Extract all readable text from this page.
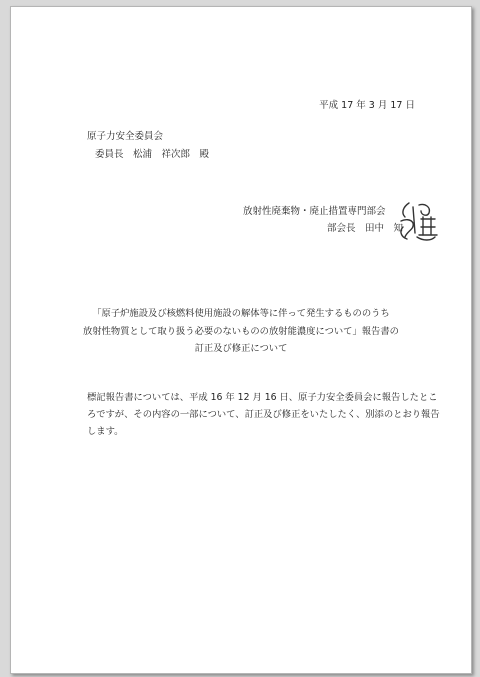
平成 17 年 3 月 17 日

原子力安全委員会

委員長　松浦　祥次郎　殿

放射性廃棄物・廃止措置専門部会

部会長　田中　知

「原子炉施設及び核燃料使用施設の解体等に伴って発生するもののうち
放射性物質として取り扱う必要のないものの放射能濃度について」報告書の
訂正及び修正について

標記報告書については、平成 16 年 12 月 16 日、原子力安全委員会に報告したとこ
ろですが、その内容の一部について、訂正及び修正をいたしたく、別添のとおり報告
します。
